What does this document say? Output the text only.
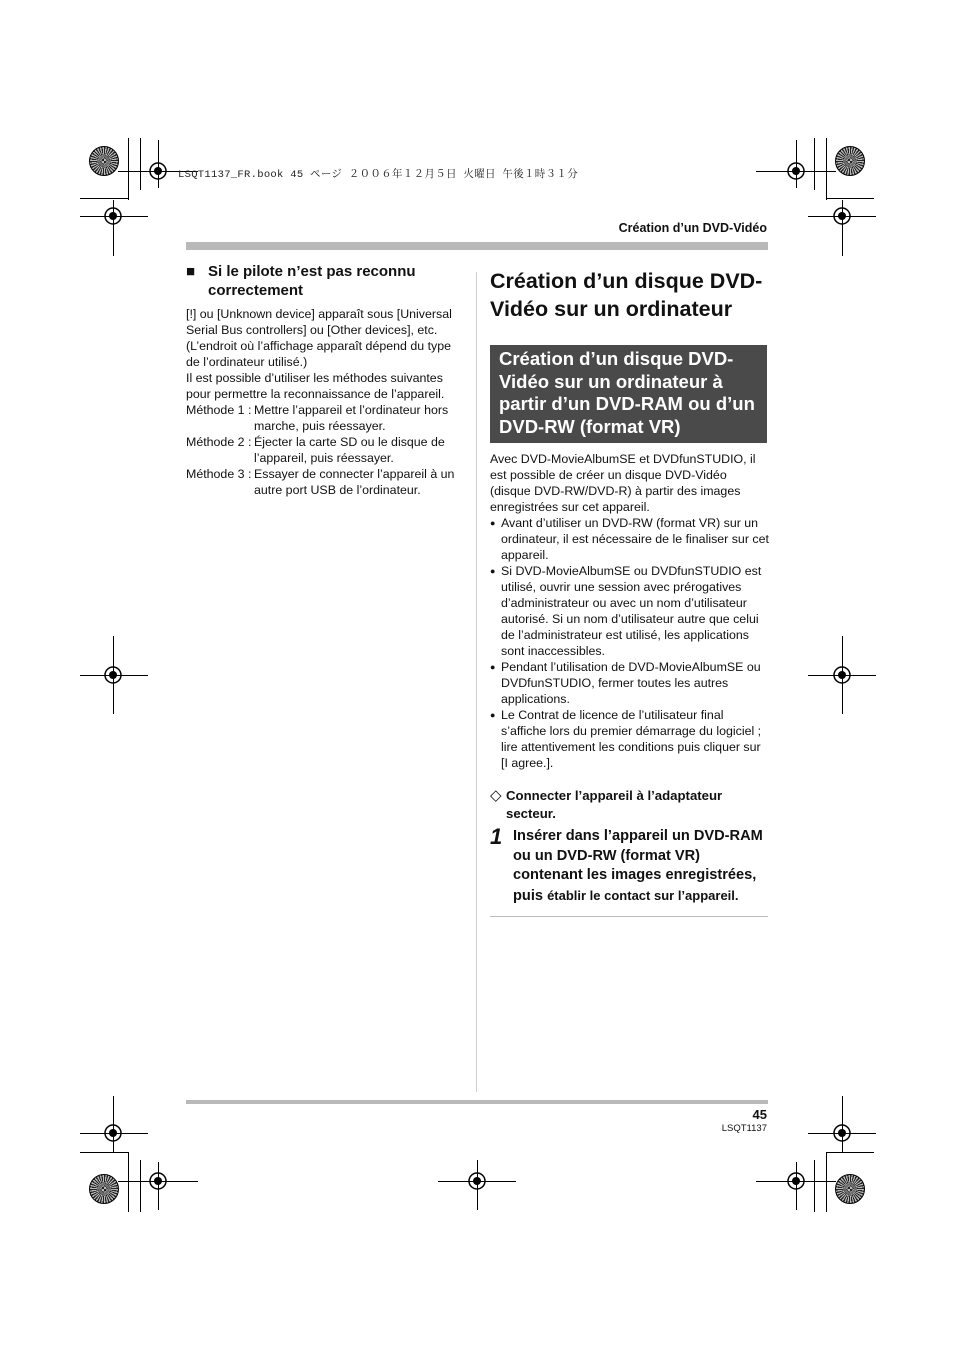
LSQT1137_FR.book 45 ページ ２００６年１２月５日 火曜日 午後１時３１分
Création d’un DVD-Vidéo
■ Si le pilote n’est pas reconnu correctement

[!] ou [Unknown device] apparaît sous [Universal Serial Bus controllers] ou [Other devices], etc. (L’endroit où l’affichage apparaît dépend du type de l’ordinateur utilisé.)

Il est possible d’utiliser les méthodes suivantes pour permettre la reconnaissance de l’appareil.

Méthode 1 : Mettre l’appareil et l’ordinateur hors marche, puis réessayer.
Méthode 2 : Éjecter la carte SD ou le disque de l’appareil, puis réessayer.
Méthode 3 : Essayer de connecter l’appareil à un autre port USB de l’ordinateur.
Création d’un disque DVD-Vidéo sur un ordinateur
Création d’un disque DVD-Vidéo sur un ordinateur à partir d’un DVD-RAM ou d’un DVD-RW (format VR)
Avec DVD-MovieAlbumSE et DVDfunSTUDIO, il est possible de créer un disque DVD-Vidéo (disque DVD-RW/DVD-R) à partir des images enregistrées sur cet appareil.
● Avant d’utiliser un DVD-RW (format VR) sur un ordinateur, il est nécessaire de le finaliser sur cet appareil.
● Si DVD-MovieAlbumSE ou DVDfunSTUDIO est utilisé, ouvrir une session avec prérogatives d’administrateur ou avec un nom d’utilisateur autorisé. Si un nom d’utilisateur autre que celui de l’administrateur est utilisé, les applications sont inaccessibles.
● Pendant l’utilisation de DVD-MovieAlbumSE ou DVDfunSTUDIO, fermer toutes les autres applications.
● Le Contrat de licence de l’utilisateur final s’affiche lors du premier démarrage du logiciel ; lire attentivement les conditions puis cliquer sur [I agree.].
◇ Connecter l’appareil à l’adaptateur secteur.
1 Insérer dans l’appareil un DVD-RAM ou un DVD-RW (format VR) contenant les images enregistrées, puis établir le contact sur l’appareil.
45
LSQT1137
